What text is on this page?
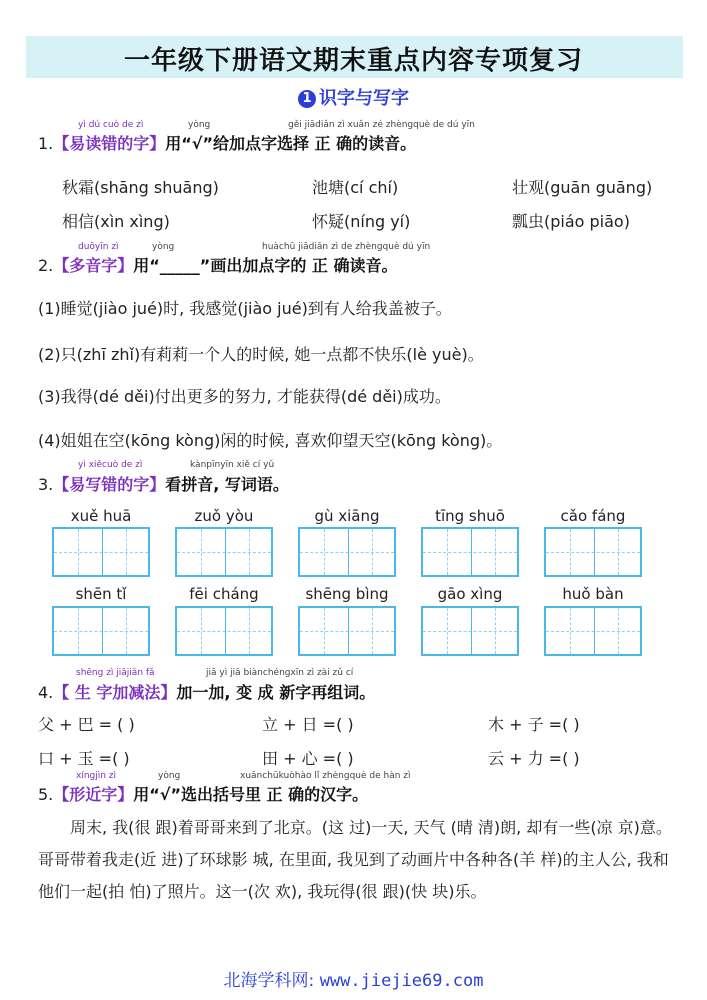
一年级下册语文期末重点内容专项复习
1 识字与写字
yì dú cuò de zì	yòng	gěi jiādiǎn zì xuǎn zé zhèngquè de dú yīn
1.【易读错的字】用“√”给加点字选择 正 确的读音。
秋霜(shāng shuāng)	池塘(cí chí)	壮观(guān guāng)
相信(xìn xìng)	怀疑(níng yí)	瓢虫(piáo piāo)
duōyīn zì	yòng	huàchū jiādiǎn zì de zhèngquè dú yīn
2.【多音字】用“_____”画出加点字的 正 确读音。
(1)睡觉(jiào jué)时, 我感觉(jiào jué)到有人给我盖被子。
(2)只(zhī zhǐ)有莉莉一个人的时候, 她一点都不快乐(lè yuè)。
(3)我得(dé děi)付出更多的努力, 才能获得(dé děi)成功。
(4)姐姐在空(kōng kòng)闲的时候, 喜欢仰望天空(kōng kòng)。
yì xiěcuò de zì	kànpīnyīn xiě cí yǔ
3.【易写错的字】看拼音, 写词语。
xuě huā	zuǒ yòu	gù xiāng	tīng shuō	cǎo fáng
shēn tǐ	fēi cháng	shēng bìng	gāo xìng	huǒ bàn
shēng zì jiājiǎn fǎ	jiā yì jiā biànchéngxīn zì zài zǔ cí
4.【 生 字加减法】加一加, 变 成 新字再组词。
父 + 巴 = ( )	立 + 日 =( )	木 + 子 =( )
口 + 玉 =( )	田 + 心 =( )	云 + 力 =( )
xíngjìn zì	yòng	xuǎnchūkuòhào lǐ zhèngquè de hàn zì
5.【形近字】用“√”选出括号里 正 确的汉字。
周末, 我(很 跟)着哥哥来到了北京。(这 过)一天, 天气 (晴 清)朗, 却有一些(凉 京)意。哥哥带着我走(近 进)了环球影 城, 在里面, 我见到了动画片中各种各(羊 样)的主人公, 我和他们一起(拍 怕)了照片。这一(次 欢), 我玩得(很 跟)(快 块)乐。
北海学科网: www.jiejie69.com
